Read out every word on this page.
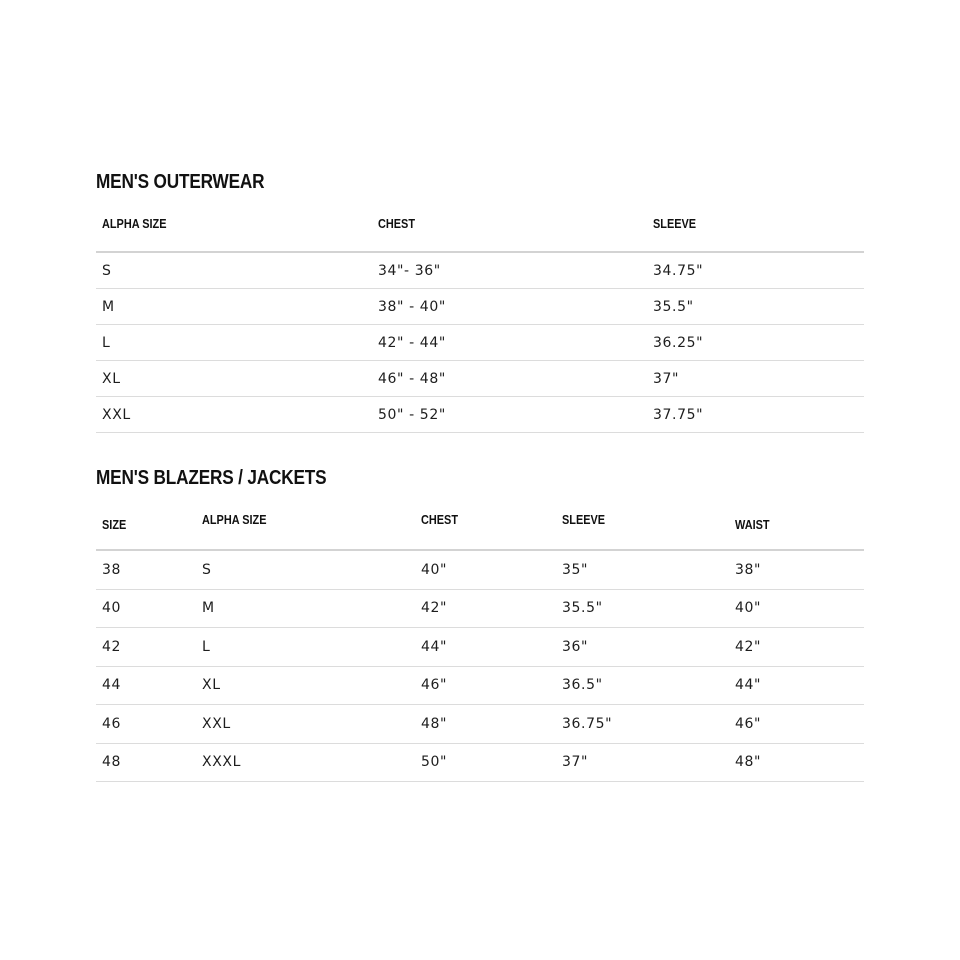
MEN'S OUTERWEAR
ALPHA SIZE	CHEST	SLEEVE
S	34"- 36"	34.75"
M	38" - 40"	35.5"
L	42" - 44"	36.25"
XL	46" - 48"	37"
XXL	50" - 52"	37.75"
MEN'S BLAZERS / JACKETS
SIZE	ALPHA SIZE	CHEST	SLEEVE	WAIST
38	S	40"	35"	38"
40	M	42"	35.5"	40"
42	L	44"	36"	42"
44	XL	46"	36.5"	44"
46	XXL	48"	36.75"	46"
48	XXXL	50"	37"	48"
